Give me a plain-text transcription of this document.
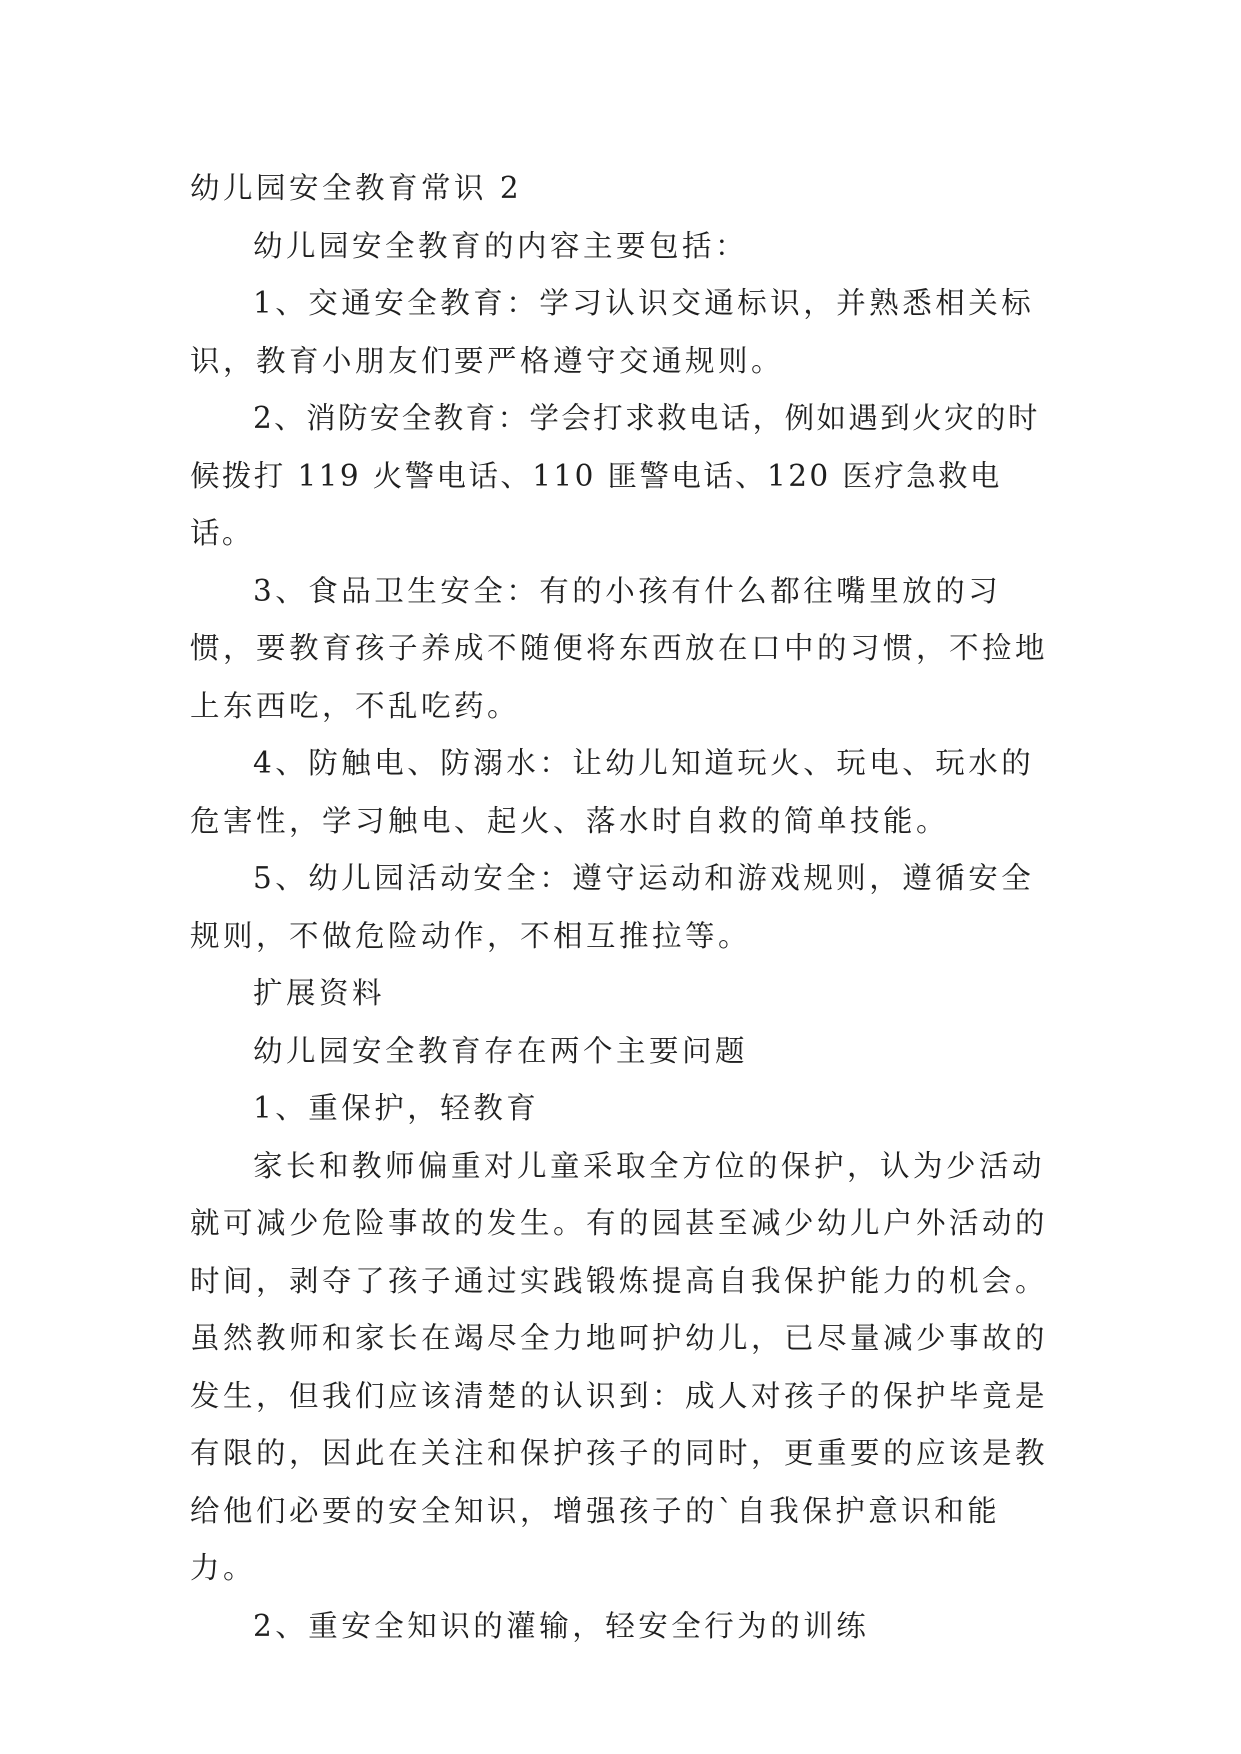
幼儿园安全教育常识 2

幼儿园安全教育的内容主要包括：

1、交通安全教育：学习认识交通标识，并熟悉相关标识，教育小朋友们要严格遵守交通规则。

2、消防安全教育：学会打求救电话，例如遇到火灾的时候拨打 119 火警电话、110 匪警电话、120 医疗急救电话。

3、食品卫生安全：有的小孩有什么都往嘴里放的习惯，要教育孩子养成不随便将东西放在口中的习惯，不捡地上东西吃，不乱吃药。

4、防触电、防溺水：让幼儿知道玩火、玩电、玩水的危害性，学习触电、起火、落水时自救的简单技能。

5、幼儿园活动安全：遵守运动和游戏规则，遵循安全规则，不做危险动作，不相互推拉等。

扩展资料

幼儿园安全教育存在两个主要问题

1、重保护，轻教育

家长和教师偏重对儿童采取全方位的保护，认为少活动就可减少危险事故的发生。有的园甚至减少幼儿户外活动的时间，剥夺了孩子通过实践锻炼提高自我保护能力的机会。虽然教师和家长在竭尽全力地呵护幼儿，已尽量减少事故的发生，但我们应该清楚的认识到：成人对孩子的保护毕竟是有限的，因此在关注和保护孩子的同时，更重要的应该是教给他们必要的安全知识，增强孩子的`自我保护意识和能力。

2、重安全知识的灌输，轻安全行为的训练
